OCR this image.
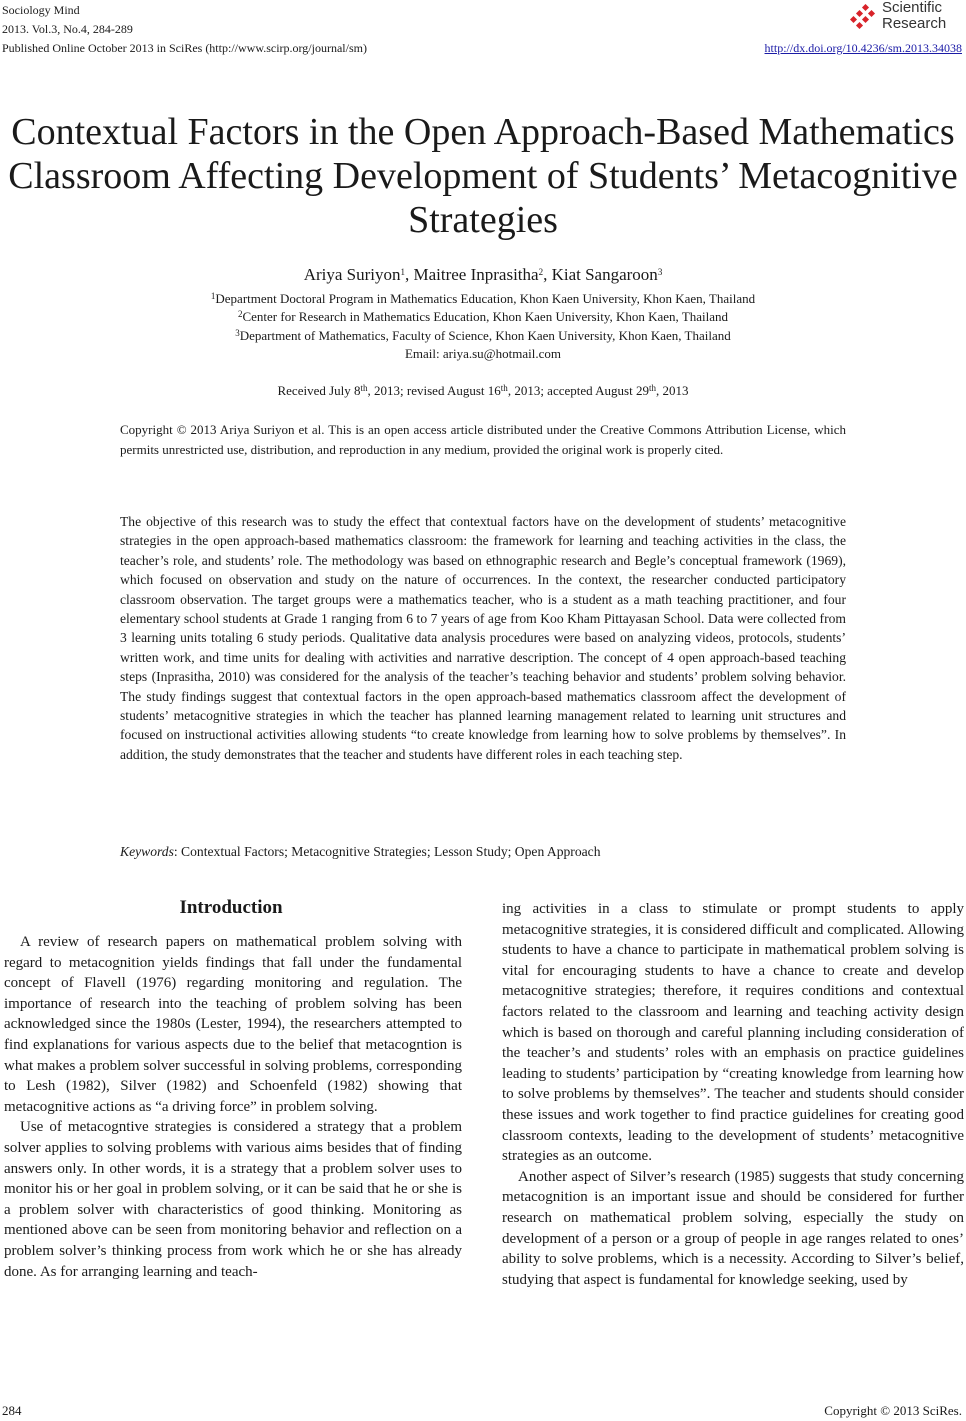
Sociology Mind
2013. Vol.3, No.4, 284-289
Published Online October 2013 in SciRes (http://www.scirp.org/journal/sm)
Scientific
Research
http://dx.doi.org/10.4236/sm.2013.34038
Contextual Factors in the Open Approach-Based Mathematics Classroom Affecting Development of Students’ Metacognitive Strategies
Ariya Suriyon$^1$, Maitree Inprasitha$^2$, Kiat Sangaroon$^3$
$^1$Department Doctoral Program in Mathematics Education, Khon Kaen University, Khon Kaen, Thailand
$^2$Center for Research in Mathematics Education, Khon Kaen University, Khon Kaen, Thailand
$^3$Department of Mathematics, Faculty of Science, Khon Kaen University, Khon Kaen, Thailand
Email: ariya.su@hotmail.com
Received July 8th, 2013; revised August 16th, 2013; accepted August 29th, 2013
Copyright © 2013 Ariya Suriyon et al. This is an open access article distributed under the Creative Commons Attribution License, which permits unrestricted use, distribution, and reproduction in any medium, provided the original work is properly cited.
The objective of this research was to study the effect that contextual factors have on the development of students’ metacognitive strategies in the open approach-based mathematics classroom: the framework for learning and teaching activities in the class, the teacher’s role, and students’ role. The methodology was based on ethnographic research and Begle’s conceptual framework (1969), which focused on observation and study on the nature of occurrences. In the context, the researcher conducted participatory classroom observation. The target groups were a mathematics teacher, who is a student as a math teaching practitioner, and four elementary school students at Grade 1 ranging from 6 to 7 years of age from Koo Kham Pittayasan School. Data were collected from 3 learning units totaling 6 study periods. Qualitative data analysis procedures were based on analyzing videos, protocols, students’ written work, and time units for dealing with activities and narrative description. The concept of 4 open approach-based teaching steps (Inprasitha, 2010) was considered for the analysis of the teacher’s teaching behavior and students’ problem solving behavior. The study findings suggest that contextual factors in the open approach-based mathematics classroom affect the development of students’ metacognitive strategies in which the teacher has planned learning management related to learning unit structures and focused on instructional activities allowing students “to create knowledge from learning how to solve problems by themselves”. In addition, the study demonstrates that the teacher and students have different roles in each teaching step.
Keywords: Contextual Factors; Metacognitive Strategies; Lesson Study; Open Approach
Introduction

A review of research papers on mathematical problem solving with regard to metacognition yields findings that fall under the fundamental concept of Flavell (1976) regarding monitoring and regulation. The importance of research into the teaching of problem solving has been acknowledged since the 1980s (Lester, 1994), the researchers attempted to find explanations for various aspects due to the belief that metacogntion is what makes a problem solver successful in solving problems, corresponding to Lesh (1982), Silver (1982) and Schoenfeld (1982) showing that metacognitive actions as “a driving force” in problem solving.

Use of metacogntive strategies is considered a strategy that a problem solver applies to solving problems with various aims besides that of finding answers only. In other words, it is a strategy that a problem solver uses to monitor his or her goal in problem solving, or it can be said that he or she is a problem solver with characteristics of good thinking. Monitoring as mentioned above can be seen from monitoring behavior and reflection on a problem solver’s thinking process from work which he or she has already done. As for arranging learning and teach-

ing activities in a class to stimulate or prompt students to apply metacognitive strategies, it is considered difficult and complicated. Allowing students to have a chance to participate in mathematical problem solving is vital for encouraging students to have a chance to create and develop metacognitive strategies; therefore, it requires conditions and contextual factors related to the classroom and learning and teaching activity design which is based on thorough and careful planning including consideration of the teacher’s and students’ roles with an emphasis on practice guidelines leading to students’ participation by “creating knowledge from learning how to solve problems by themselves”. The teacher and students should consider these issues and work together to find practice guidelines for creating good classroom contexts, leading to the development of students’ metacognitive strategies as an outcome.

Another aspect of Silver’s research (1985) suggests that study concerning metacognition is an important issue and should be considered for further research on mathematical problem solving, especially the study on development of a person or a group of people in age ranges related to ones’ ability to solve problems, which is a necessity. According to Silver’s belief, studying that aspect is fundamental for knowledge seeking, used by

284	Copyright © 2013 SciRes.
